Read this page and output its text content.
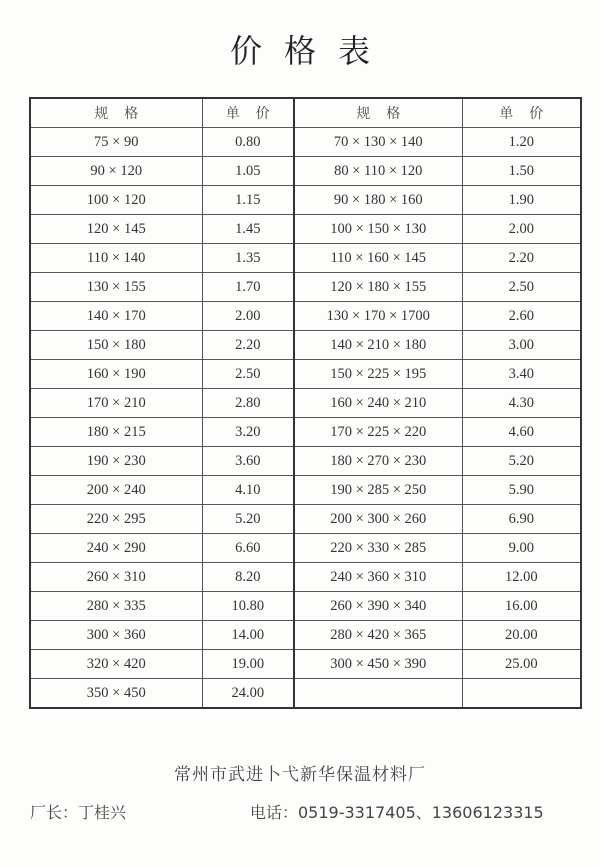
价格表
规格	单价	规格	单价
75 × 90	0.80	70 × 130 × 140	1.20
90 × 120	1.05	80 × 110 × 120	1.50
100 × 120	1.15	90 × 180 × 160	1.90
120 × 145	1.45	100 × 150 × 130	2.00
110 × 140	1.35	110 × 160 × 145	2.20
130 × 155	1.70	120 × 180 × 155	2.50
140 × 170	2.00	130 × 170 × 1700	2.60
150 × 180	2.20	140 × 210 × 180	3.00
160 × 190	2.50	150 × 225 × 195	3.40
170 × 210	2.80	160 × 240 × 210	4.30
180 × 215	3.20	170 × 225 × 220	4.60
190 × 230	3.60	180 × 270 × 230	5.20
200 × 240	4.10	190 × 285 × 250	5.90
220 × 295	5.20	200 × 300 × 260	6.90
240 × 290	6.60	220 × 330 × 285	9.00
260 × 310	8.20	240 × 360 × 310	12.00
280 × 335	10.80	260 × 390 × 340	16.00
300 × 360	14.00	280 × 420 × 365	20.00
320 × 420	19.00	300 × 450 × 390	25.00
350 × 450	24.00		
常州市武进卜弋新华保温材料厂
厂长：丁桂兴	电话：0519-3317405、13606123315
